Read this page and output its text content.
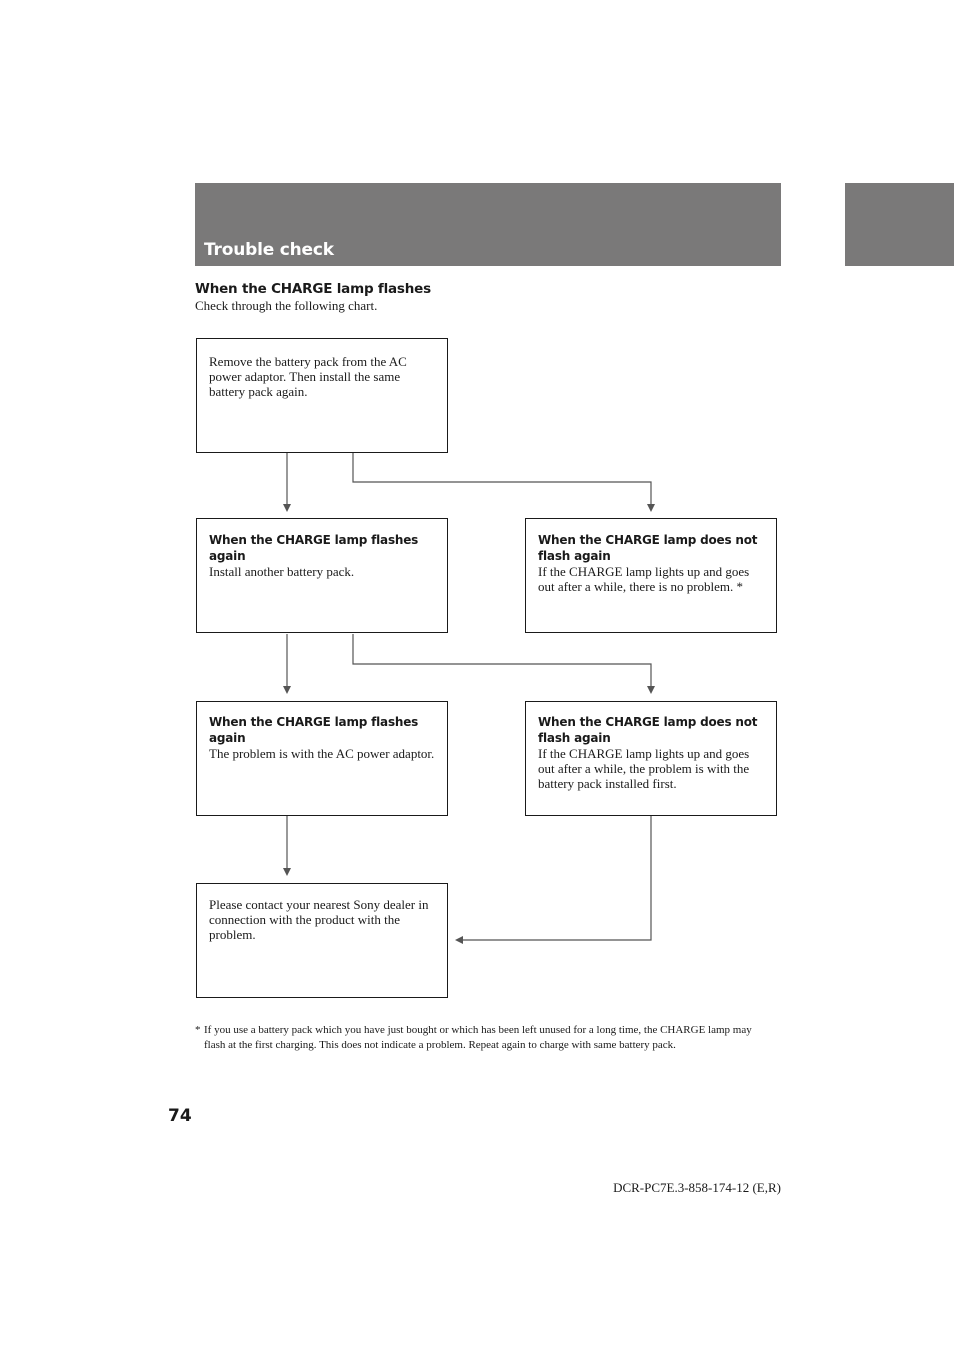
Trouble check
When the CHARGE lamp flashes

Check through the following chart.

Remove the battery pack from the AC power adaptor. Then install the same battery pack again.
When the CHARGE lamp flashes again
Install another battery pack.
When the CHARGE lamp does not flash again
If the CHARGE lamp lights up and goes out after a while, there is no problem. *
When the CHARGE lamp flashes again
The problem is with the AC power adaptor.
When the CHARGE lamp does not flash again
If the CHARGE lamp lights up and goes out after a while, the problem is with the battery pack installed first.
Please contact your nearest Sony dealer in connection with the product with the problem.

* If you use a battery pack which you have just bought or which has been left unused for a long time, the CHARGE lamp may flash at the first charging. This does not indicate a problem. Repeat again to charge with same battery pack.

74

DCR-PC7E.3-858-174-12 (E,R)
